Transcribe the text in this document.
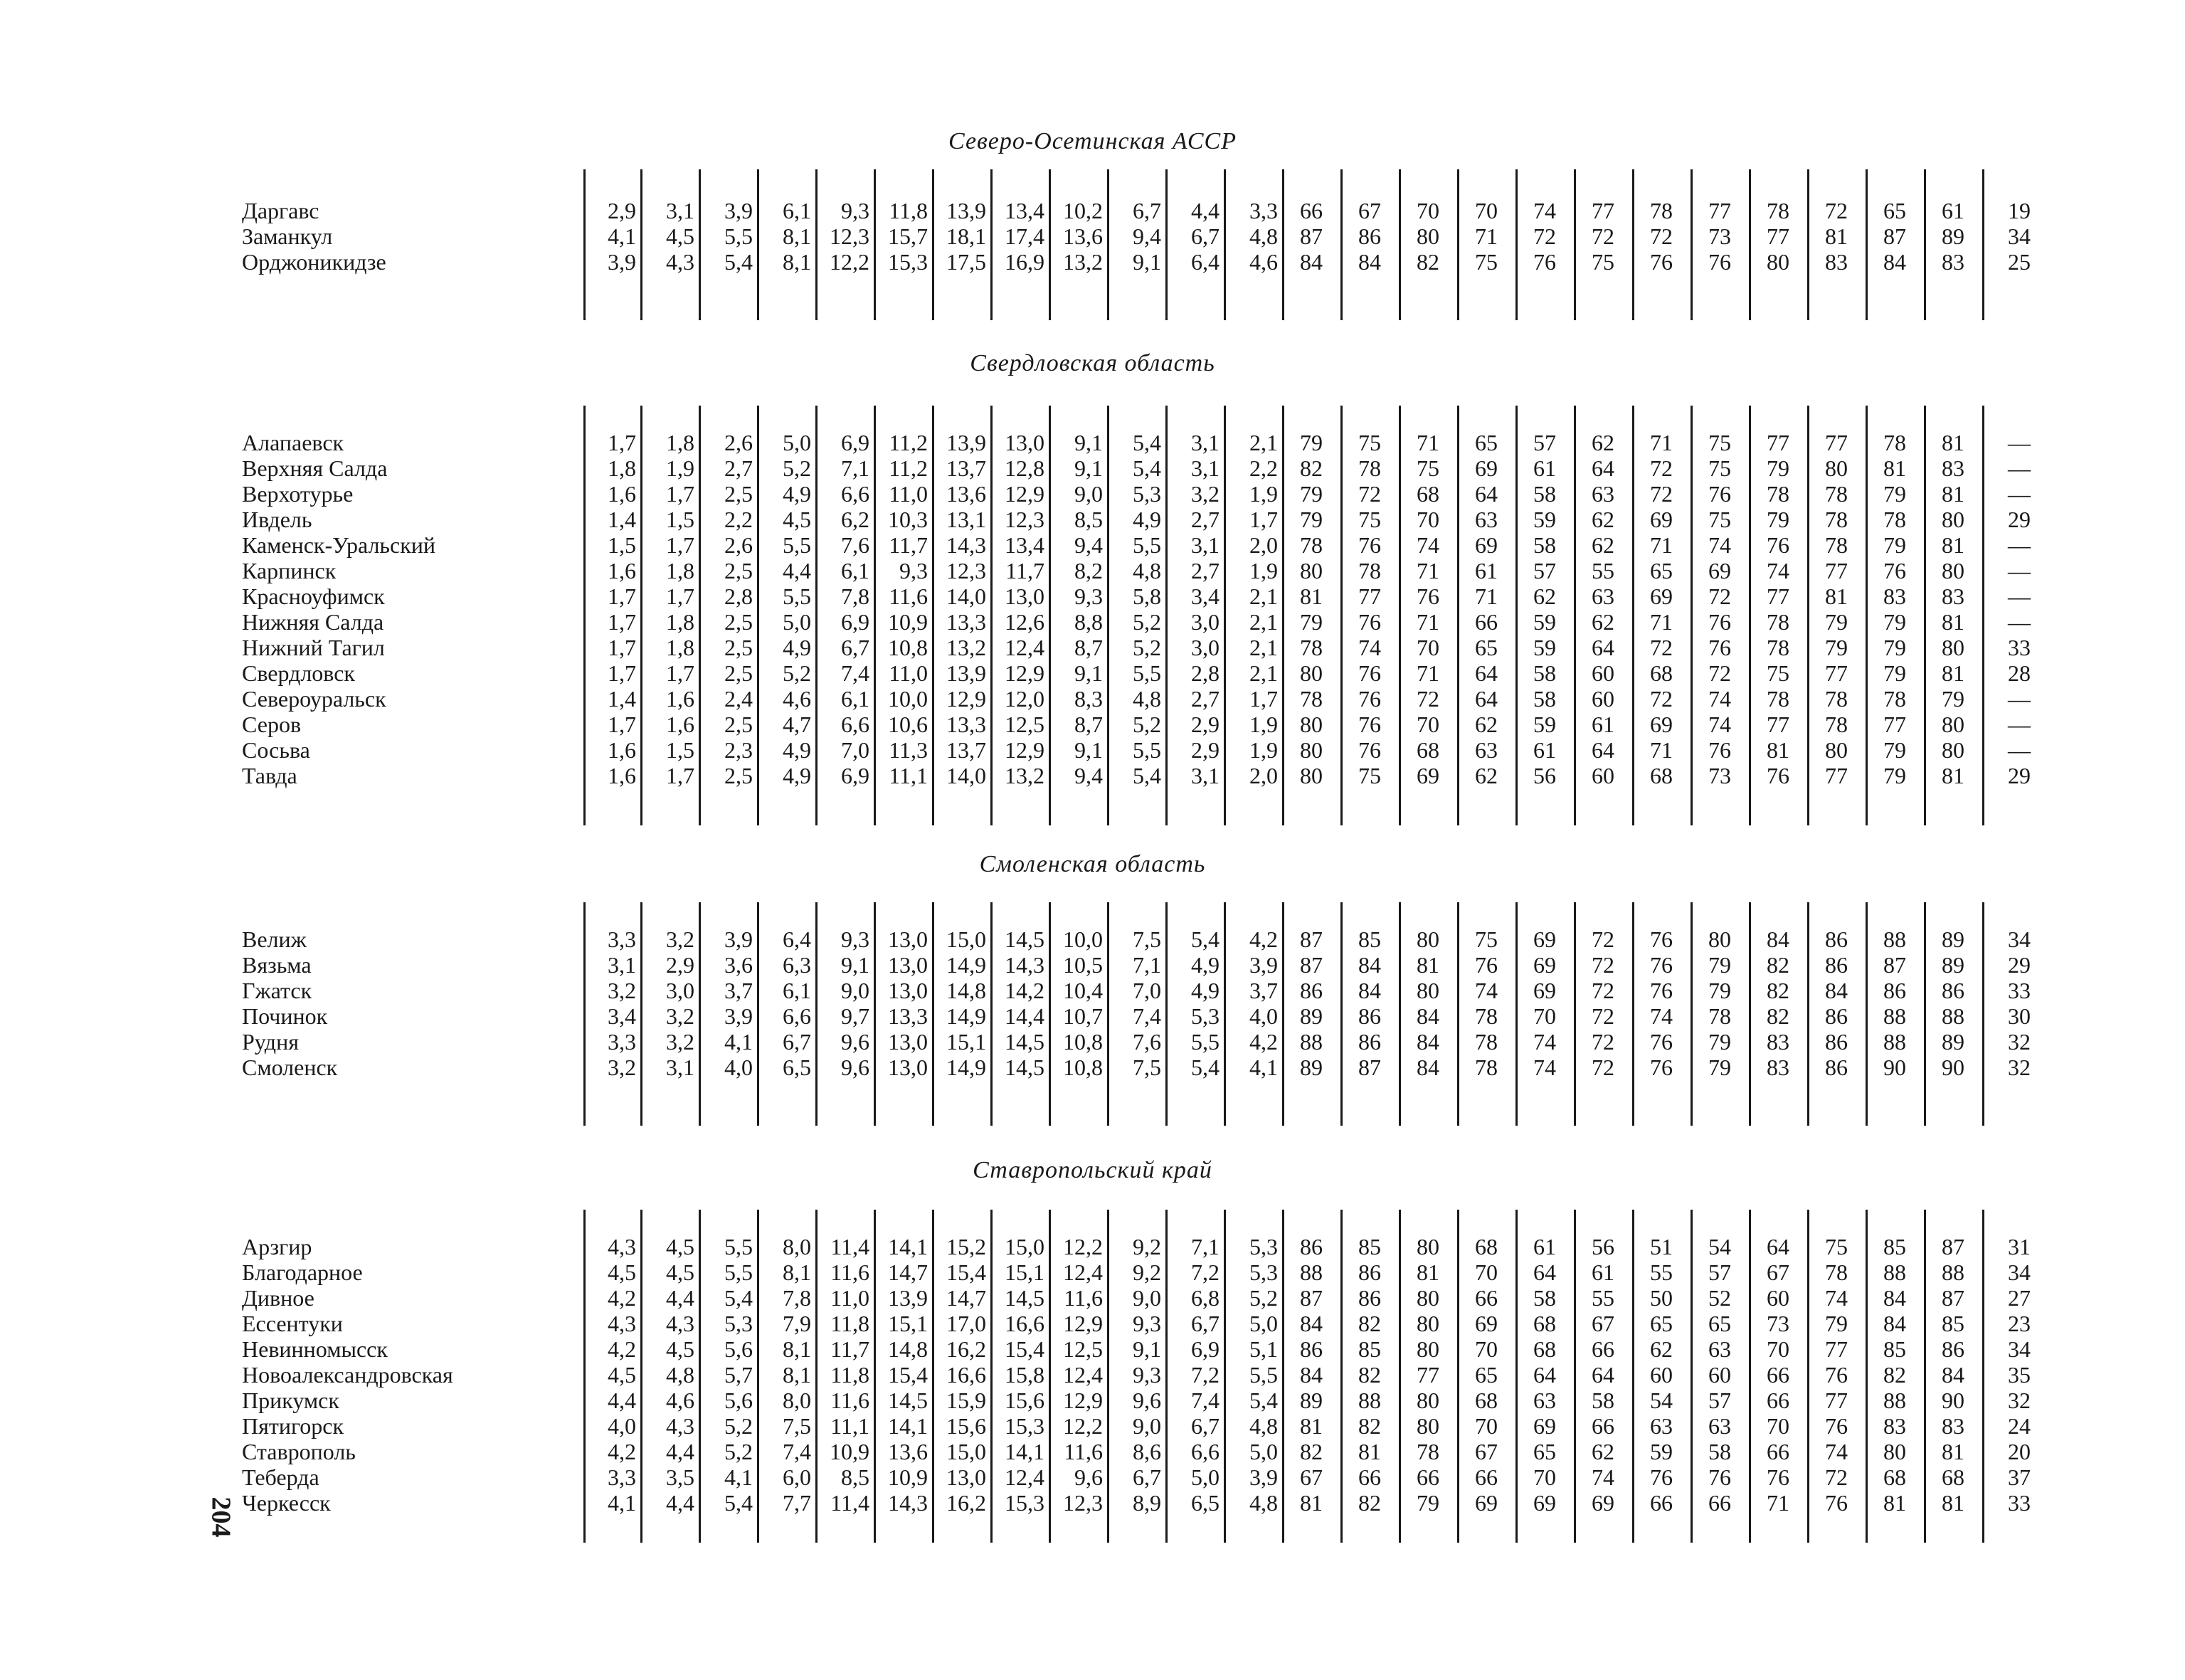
Северо-Осетинская АССР
Даргавс	2,9	3,1	3,9	6,1	9,3 11,8 13,9 13,4 10,2	6,7	4,4	3,3 66	67	70	70	74	77	78	77	78	72	65	61	19
Заманкул	4,1	4,5	5,5	8,1 12,3 15,7 18,1 17,4 13,6	9,4	6,7	4,8 87	86	80	71	72	72	72	73	77	81	87	89	34
Орджоникидзе	3,9	4,3	5,4	8,1 12,2 15,3 17,5 16,9 13,2	9,1	6,4	4,6 84	84	82	75	76	75	76	76	80	83	84	83	25
Свердловская область
Алапаевск	1,7	1,8	2,6	5,0	6,9 11,2 13,9 13,0	9,1	5,4	3,1	2,1 79	75	71	65	57	62	71	75	77	77	78	81	—
Верхняя Салда	1,8	1,9	2,7	5,2	7,1 11,2 13,7 12,8	9,1	5,4	3,1	2,2 82	78	75	69	61	64	72	75	79	80	81	83	—
Верхотурье	1,6	1,7	2,5	4,9	6,6 11,0 13,6 12,9	9,0	5,3	3,2	1,9 79	72	68	64	58	63	72	76	78	78	79	81	—
Ивдель	1,4	1,5	2,2	4,5	6,2 10,3 13,1 12,3	8,5	4,9	2,7	1,7 79	75	70	63	59	62	69	75	79	78	78	80	29
Каменск-Уральский	1,5	1,7	2,6	5,5	7,6 11,7 14,3 13,4	9,4	5,5	3,1	2,0 78	76	74	69	58	62	71	74	76	78	79	81	—
Карпинск	1,6	1,8	2,5	4,4	6,1	9,3 12,3 11,7	8,2	4,8	2,7	1,9 80	78	71	61	57	55	65	69	74	77	76	80	—
Красноуфимск	1,7	1,7	2,8	5,5	7,8 11,6 14,0 13,0	9,3	5,8	3,4	2,1 81	77	76	71	62	63	69	72	77	81	83	83	—
Нижняя Салда	1,7	1,8	2,5	5,0	6,9 10,9 13,3 12,6	8,8	5,2	3,0	2,1 79	76	71	66	59	62	71	76	78	79	79	81	—
Нижний Тагил	1,7	1,8	2,5	4,9	6,7 10,8 13,2 12,4	8,7	5,2	3,0	2,1 78	74	70	65	59	64	72	76	78	79	79	80	33
Свердловск	1,7	1,7	2,5	5,2	7,4 11,0 13,9 12,9	9,1	5,5	2,8	2,1 80	76	71	64	58	60	68	72	75	77	79	81	28
Североуральск	1,4	1,6	2,4	4,6	6,1 10,0 12,9 12,0	8,3	4,8	2,7	1,7 78	76	72	64	58	60	72	74	78	78	78	79	—
Серов	1,7	1,6	2,5	4,7	6,6 10,6 13,3 12,5	8,7	5,2	2,9	1,9 80	76	70	62	59	61	69	74	77	78	77	80	—
Сосьва	1,6	1,5	2,3	4,9	7,0 11,3 13,7 12,9	9,1	5,5	2,9	1,9 80	76	68	63	61	64	71	76	81	80	79	80	—
Тавда	1,6	1,7	2,5	4,9	6,9 11,1 14,0 13,2	9,4	5,4	3,1	2,0 80	75	69	62	56	60	68	73	76	77	79	81	29
Смоленская область
Велиж	3,3	3,2	3,9	6,4	9,3 13,0 15,0 14,5 10,0	7,5	5,4	4,2 87	85	80	75	69	72	76	80	84	86	88	89	34
Вязьма	3,1	2,9	3,6	6,3	9,1 13,0 14,9 14,3 10,5	7,1	4,9	3,9 87	84	81	76	69	72	76	79	82	86	87	89	29
Гжатск	3,2	3,0	3,7	6,1	9,0 13,0 14,8 14,2 10,4	7,0	4,9	3,7 86	84	80	74	69	72	76	79	82	84	86	86	33
Починок	3,4	3,2	3,9	6,6	9,7 13,3 14,9 14,4 10,7	7,4	5,3	4,0 89	86	84	78	70	72	74	78	82	86	88	88	30
Рудня	3,3	3,2	4,1	6,7	9,6 13,0 15,1 14,5 10,8	7,6	5,5	4,2 88	86	84	78	74	72	76	79	83	86	88	89	32
Смоленск	3,2	3,1	4,0	6,5	9,6 13,0 14,9 14,5 10,8	7,5	5,4	4,1 89	87	84	78	74	72	76	79	83	86	90	90	32
Ставропольский край
Арзгир	4,3	4,5	5,5	8,0 11,4 14,1 15,2 15,0 12,2	9,2	7,1	5,3 86	85	80	68	61	56	51	54	64	75	85	87	31
Благодарное	4,5	4,5	5,5	8,1 11,6 14,7 15,4 15,1 12,4	9,2	7,2	5,3 88	86	81	70	64	61	55	57	67	78	88	88	34
Дивное	4,2	4,4	5,4	7,8 11,0 13,9 14,7 14,5 11,6	9,0	6,8	5,2 87	86	80	66	58	55	50	52	60	74	84	87	27
Ессентуки	4,3	4,3	5,3	7,9 11,8 15,1 17,0 16,6 12,9	9,3	6,7	5,0 84	82	80	69	68	67	65	65	73	79	84	85	23
Невинномысск	4,2	4,5	5,6	8,1 11,7 14,8 16,2 15,4 12,5	9,1	6,9	5,1 86	85	80	70	68	66	62	63	70	77	85	86	34
Новоалександровская	4,5	4,8	5,7	8,1 11,8 15,4 16,6 15,8 12,4	9,3	7,2	5,5 84	82	77	65	64	64	60	60	66	76	82	84	35
Прикумск	4,4	4,6	5,6	8,0 11,6 14,5 15,9 15,6 12,9	9,6	7,4	5,4 89	88	80	68	63	58	54	57	66	77	88	90	32
Пятигорск	4,0	4,3	5,2	7,5 11,1 14,1 15,6 15,3 12,2	9,0	6,7	4,8 81	82	80	70	69	66	63	63	70	76	83	83	24
Ставрополь	4,2	4,4	5,2	7,4 10,9 13,6 15,0 14,1 11,6	8,6	6,6	5,0 82	81	78	67	65	62	59	58	66	74	80	81	20
Теберда	3,3	3,5	4,1	6,0	8,5 10,9 13,0 12,4	9,6	6,7	5,0	3,9 67	66	66	66	70	74	76	76	76	72	68	68	37
Черкесск	4,1	4,4	5,4	7,7 11,4 14,3 16,2 15,3 12,3	8,9	6,5	4,8 81	82	79	69	69	69	66	66	71	76	81	81	33
204
